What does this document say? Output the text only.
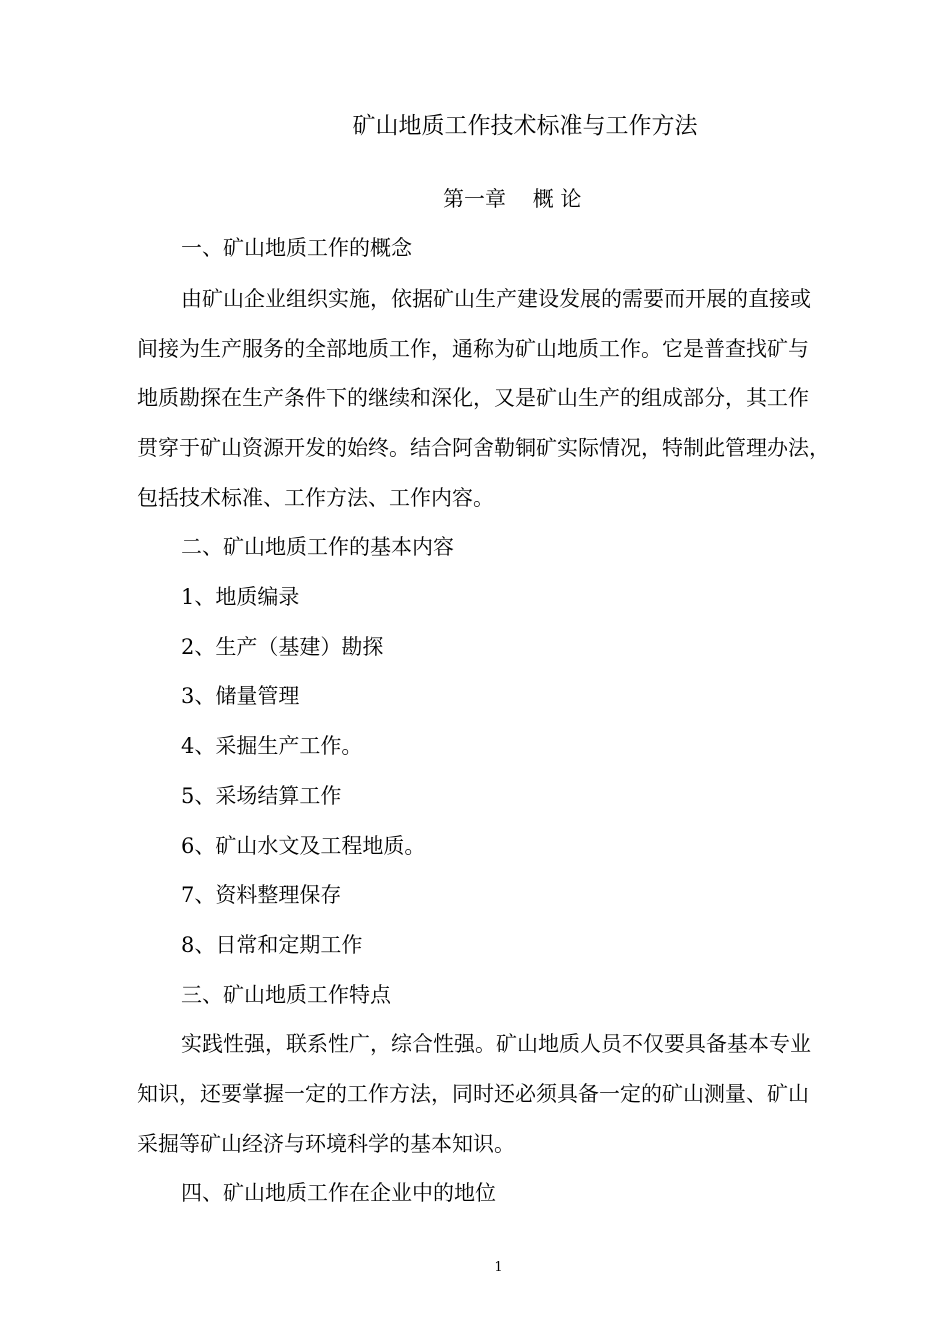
矿山地质工作技术标准与工作方法
第一章    概 论
一、矿山地质工作的概念
由矿山企业组织实施，依据矿山生产建设发展的需要而开展的直接或
间接为生产服务的全部地质工作，通称为矿山地质工作。它是普查找矿与
地质勘探在生产条件下的继续和深化，又是矿山生产的组成部分，其工作
贯穿于矿山资源开发的始终。结合阿舍勒铜矿实际情况，特制此管理办法，
包括技术标准、工作方法、工作内容。
二、矿山地质工作的基本内容
1、地质编录
2、生产（基建）勘探
3、储量管理
4、采掘生产工作。
5、采场结算工作
6、矿山水文及工程地质。
7、资料整理保存
8、日常和定期工作
三、矿山地质工作特点
实践性强，联系性广，综合性强。矿山地质人员不仅要具备基本专业
知识，还要掌握一定的工作方法，同时还必须具备一定的矿山测量、矿山
采掘等矿山经济与环境科学的基本知识。
四、矿山地质工作在企业中的地位
1
